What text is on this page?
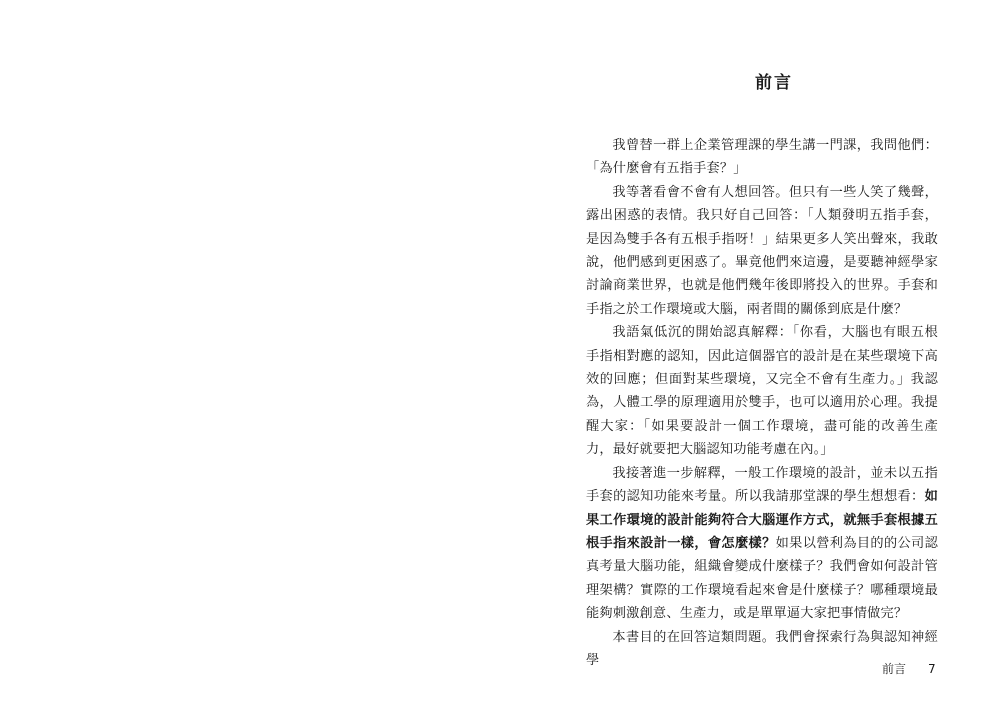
前言

我曾替一群上企業管理課的學生講一門課，我問他們：「為什麼會有五指手套？」

我等著看會不會有人想回答。但只有一些人笑了幾聲，露出困惑的表情。我只好自己回答：「人類發明五指手套，是因為雙手各有五根手指呀！」結果更多人笑出聲來，我敢說，他們感到更困惑了。畢竟他們來這邊，是要聽神經學家討論商業世界，也就是他們幾年後即將投入的世界。手套和手指之於工作環境或大腦，兩者間的關係到底是什麼？

我語氣低沉的開始認真解釋：「你看，大腦也有眼五根手指相對應的認知，因此這個器官的設計是在某些環境下高效的回應；但面對某些環境，又完全不會有生產力。」我認為，人體工學的原理適用於雙手，也可以適用於心理。我提醒大家：「如果要設計一個工作環境，盡可能的改善生產力，最好就要把大腦認知功能考慮在內。」

我接著進一步解釋，一般工作環境的設計，並未以五指手套的認知功能來考量。所以我請那堂課的學生想想看：如果工作環境的設計能夠符合大腦運作方式，就無手套根據五根手指來設計一樣，會怎麼樣？如果以營利為目的的公司認真考量大腦功能，組織會變成什麼樣子？我們會如何設計管理架構？實際的工作環境看起來會是什麼樣子？哪種環境最能夠刺激創意、生產力，或是單單逼大家把事情做完？

本書目的在回答這類問題。我們會探索行為與認知神經學

前言 7
